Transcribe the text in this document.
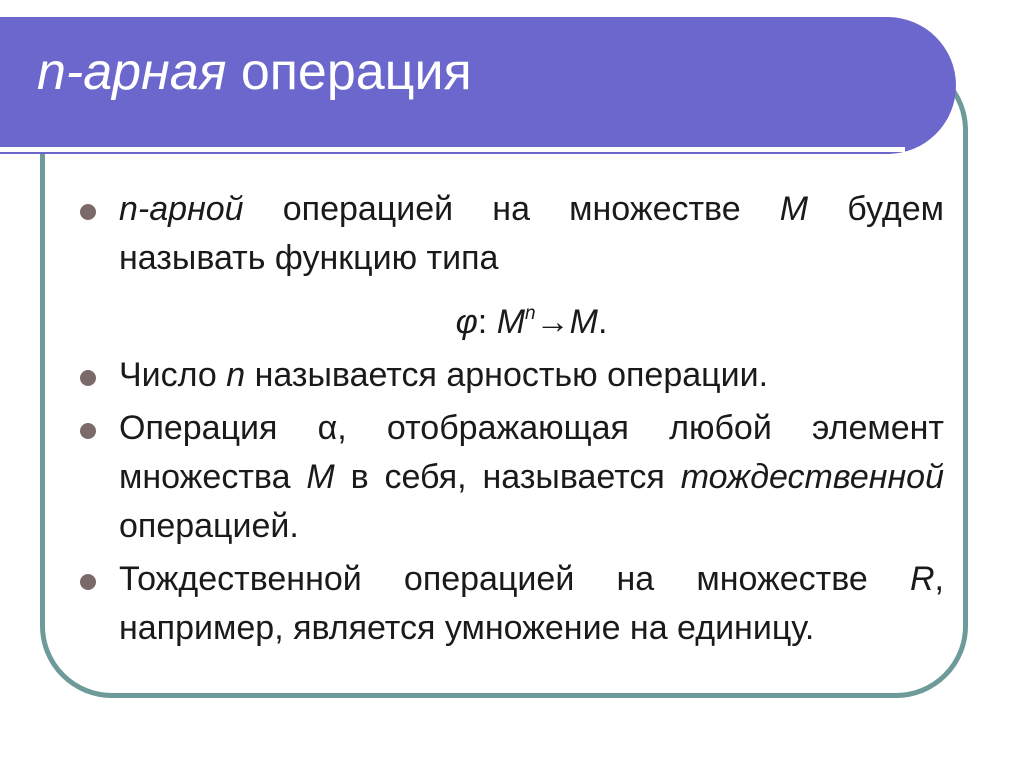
n-арная операция
n-арной операцией на множестве M будем называть функцию типа
φ: $M^n\to M$.
Число n называется арностью операции.
Операция α, отображающая любой элемент множества M в себя, называется тождественной операцией.
Тождественной операцией на множестве R, например, является умножение на единицу.
